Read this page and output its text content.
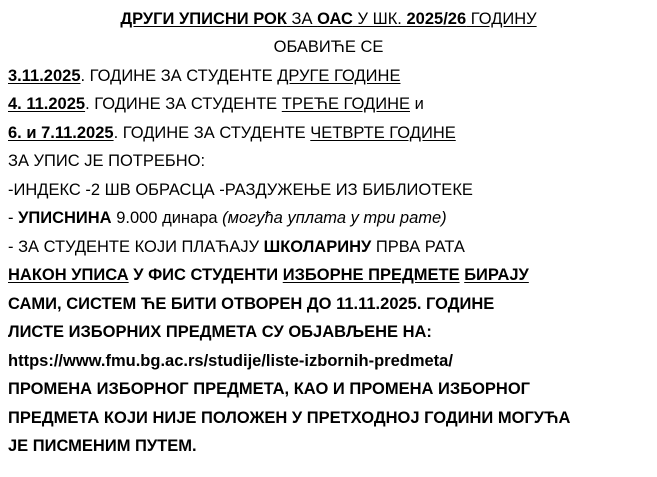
ДРУГИ УПИСНИ РОК ЗА ОАС У ШК. 2025/26 ГОДИНУ
ОБАВИЋЕ СЕ
3.11.2025. ГОДИНЕ ЗА СТУДЕНТЕ ДРУГЕ ГОДИНЕ
4. 11.2025. ГОДИНЕ ЗА СТУДЕНТЕ ТРЕЋЕ ГОДИНЕ и
6. и 7.11.2025. ГОДИНЕ ЗА СТУДЕНТЕ ЧЕТВРТЕ ГОДИНЕ
ЗА УПИС ЈЕ ПОТРЕБНО:
-ИНДЕКС -2 ШВ ОБРАСЦА -РАЗДУЖЕЊЕ ИЗ БИБЛИОТЕКЕ
- УПИСНИНА 9.000 динара (могућа уплата у три рате)
- ЗА СТУДЕНТЕ КОЈИ ПЛАЋАЈУ ШКОЛАРИНУ ПРВА РАТА
НАКОН УПИСА У ФИС СТУДЕНТИ ИЗБОРНЕ ПРЕДМЕТЕ БИРАЈУ
САМИ, СИСТЕМ ЋЕ БИТИ ОТВОРЕН ДО 11.11.2025. ГОДИНЕ
ЛИСТЕ ИЗБОРНИХ ПРЕДМЕТА СУ ОБЈАВЉЕНЕ НА:
https://www.fmu.bg.ac.rs/studije/liste-izbornih-predmeta/
ПРОМЕНА ИЗБОРНОГ ПРЕДМЕТА, КАО И ПРОМЕНА ИЗБОРНОГ
ПРЕДМЕТА КОЈИ НИЈЕ ПОЛОЖЕН У ПРЕТХОДНОЈ ГОДИНИ МОГУЋА
ЈЕ ПИСМЕНИМ ПУТЕМ.
